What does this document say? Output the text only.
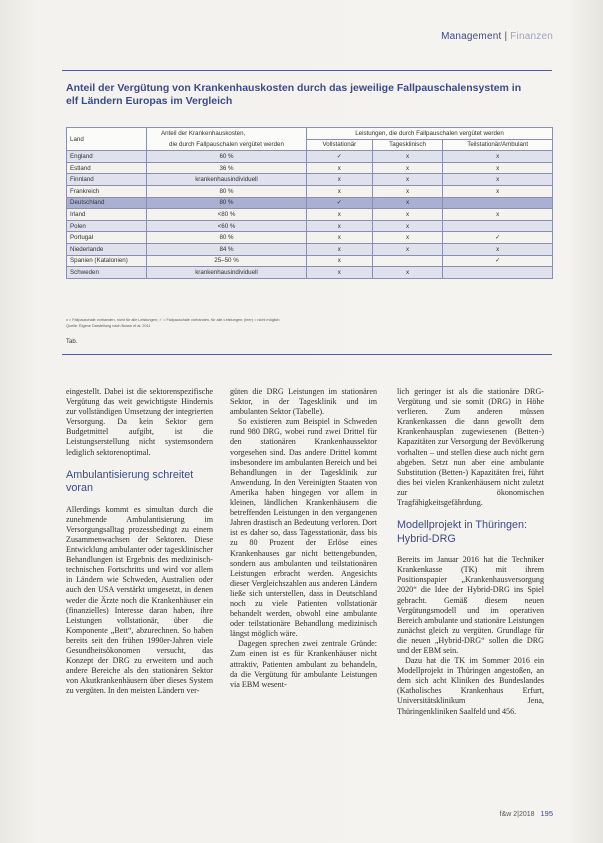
Management | Finanzen
Anteil der Vergütung von Krankenhauskosten durch das jeweilige Fallpauschalensystem in elf Ländern Europas im Vergleich
Land	Anteil der Krankenhauskosten,	Leistungen, die durch Fallpauschalen vergütet werden		
	die durch Fallpauschalen vergütet werden	Vollstationär	Tagesklinisch	Teilstationär/Ambulant
England	60 %	✓	x	x
Estland	36 %	x	x	x
Finnland	krankenhausindividuell	x	x	x
Frankreich	80 %	x	x	x
Deutschland	80 %	✓	x	
Irland	<80 %	x	x	x
Polen	<60 %	x	x	
Portugal	80 %	x	x	✓
Niederlande	84 %	x	x	x
Spanien (Katalonien)	25–50 %	x		✓
Schweden	krankenhausindividuell	x	x	
x = Fallpauschale vorhanden, nicht für alle Leistungen; ✓ = Fallpauschale vorhanden, für alle Leistungen; (leer) = nicht möglich
Quelle: Eigene Darstellung nach Busse et al. 2011
Tab.

eingestellt. Dabei ist die sektorenspezifische Vergütung das weit gewichtigste Hindernis zur vollständigen Umsetzung der integrierten Versorgung. Da kein Sektor gern Budgetmittel aufgibt, ist die Leistungserstellung nicht systemsondern lediglich sektorenoptimal.

Ambulantisierung schreitet voran

Allerdings kommt es simultan durch die zunehmende Ambulantisierung im Versorgungsalltag prozessbedingt zu einem Zusammenwachsen der Sektoren. Diese Entwicklung ambulanter oder tagesklinischer Behandlungen ist Ergebnis des medizinisch-technischen Fortschritts und wird vor allem in Ländern wie Schweden, Australien oder auch den USA verstärkt umgesetzt, in denen weder die Ärzte noch die Krankenhäuser ein (finanzielles) Interesse daran haben, ihre Leistungen vollstationär, über die Komponente „Bett“, abzurechnen. So haben bereits seit den frühen 1990er-Jahren viele Gesundheitsökonomen versucht, das Konzept der DRG zu erweitern und auch andere Bereiche als den stationären Sektor von Akutkrankenhäusern über dieses System zu vergüten. In den meisten Ländern ver-

güten die DRG Leistungen im stationären Sektor, in der Tagesklinik und im ambulanten Sektor (Tabelle).

So existieren zum Beispiel in Schweden rund 980 DRG, wobei rund zwei Drittel für den stationären Krankenhaussektor vorgesehen sind. Das andere Drittel kommt insbesondere im ambulanten Bereich und bei Behandlungen in der Tagesklinik zur Anwendung. In den Vereinigten Staaten von Amerika haben hingegen vor allem in kleinen, ländlichen Krankenhäusern die betreffenden Leistungen in den vergangenen Jahren drastisch an Bedeutung verloren. Dort ist es daher so, dass Tagesstationär, dass bis zu 80 Prozent der Erlöse eines Krankenhauses gar nicht bettengebunden, sondern aus ambulanten und teilstationären Leistungen erbracht werden. Angesichts dieser Vergleichszahlen aus anderen Ländern ließe sich unterstellen, dass in Deutschland noch zu viele Patienten vollstationär behandelt werden, obwohl eine ambulante oder teilstationäre Behandlung medizinisch längst möglich wäre.

Dagegen sprechen zwei zentrale Gründe: Zum einen ist es für Krankenhäuser nicht attraktiv, Patienten ambulant zu behandeln, da die Vergütung für ambulante Leistungen via EBM wesent-

lich geringer ist als die stationäre DRG-Vergütung und sie somit (DRG) in Höhe verlieren. Zum anderen müssen Krankenkassen die dann gewollt dem Krankenhausplan zugewiesenen (Betten-) Kapazitäten zur Versorgung der Bevölkerung vorhalten – und stellen diese auch nicht gern abgeben. Setzt nun aber eine ambulante Substitution (Betten-) Kapazitäten frei, führt dies bei vielen Krankenhäusern nicht zuletzt zur ökonomischen Tragfähigkeitsgefährdung.

Modellprojekt in Thüringen: Hybrid-DRG

Bereits im Januar 2016 hat die Techniker Krankenkasse (TK) mit ihrem Positionspapier „Krankenhausversorgung 2020“ die Idee der Hybrid-DRG ins Spiel gebracht. Gemäß diesem neuen Vergütungsmodell und im operativen Bereich ambulante und stationäre Leistungen zunächst gleich zu vergüten. Grundlage für die neuen „Hybrid-DRG“ sollen die DRG und der EBM sein.

Dazu hat die TK im Sommer 2016 ein Modellprojekt in Thüringen angestoßen, an dem sich acht Kliniken des Bundeslandes (Katholisches Krankenhaus Erfurt, Universitätsklinikum Jena, Thüringenkliniken Saalfeld und 456.

f&w 2|2018 195
